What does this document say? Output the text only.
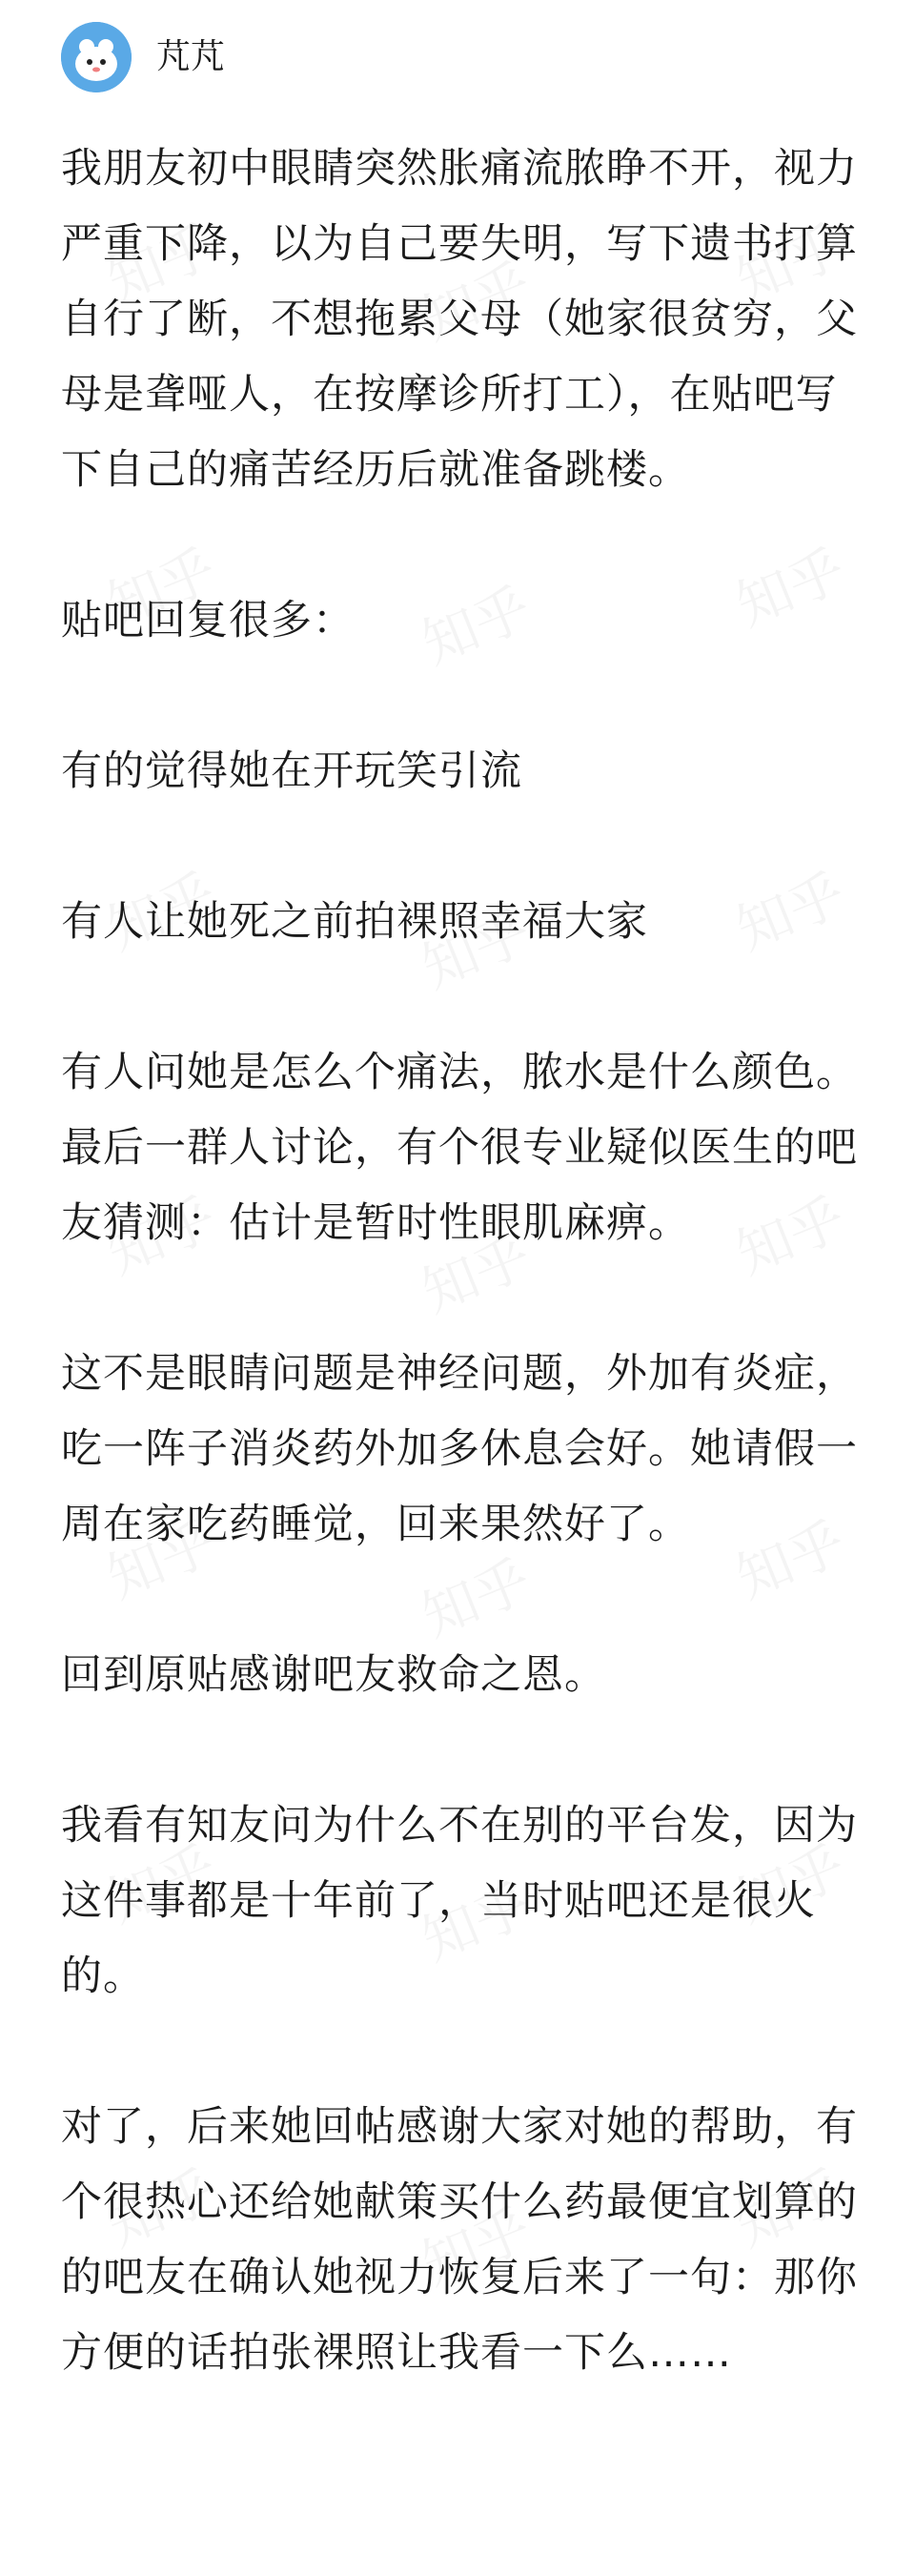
芃芃

我朋友初中眼睛突然胀痛流脓睁不开，视力严重下降，以为自己要失明，写下遗书打算自行了断，不想拖累父母（她家很贫穷，父母是聋哑人，在按摩诊所打工），在贴吧写下自己的痛苦经历后就准备跳楼。

贴吧回复很多：

有的觉得她在开玩笑引流

有人让她死之前拍裸照幸福大家

有人问她是怎么个痛法，脓水是什么颜色。最后一群人讨论，有个很专业疑似医生的吧友猜测：估计是暂时性眼肌麻痹。

这不是眼睛问题是神经问题，外加有炎症，吃一阵子消炎药外加多休息会好。她请假一周在家吃药睡觉，回来果然好了。

回到原贴感谢吧友救命之恩。

我看有知友问为什么不在别的平台发，因为这件事都是十年前了，当时贴吧还是很火的。

对了，后来她回帖感谢大家对她的帮助，有个很热心还给她献策买什么药最便宜划算的的吧友在确认她视力恢复后来了一句：那你方便的话拍张裸照让我看一下么……
